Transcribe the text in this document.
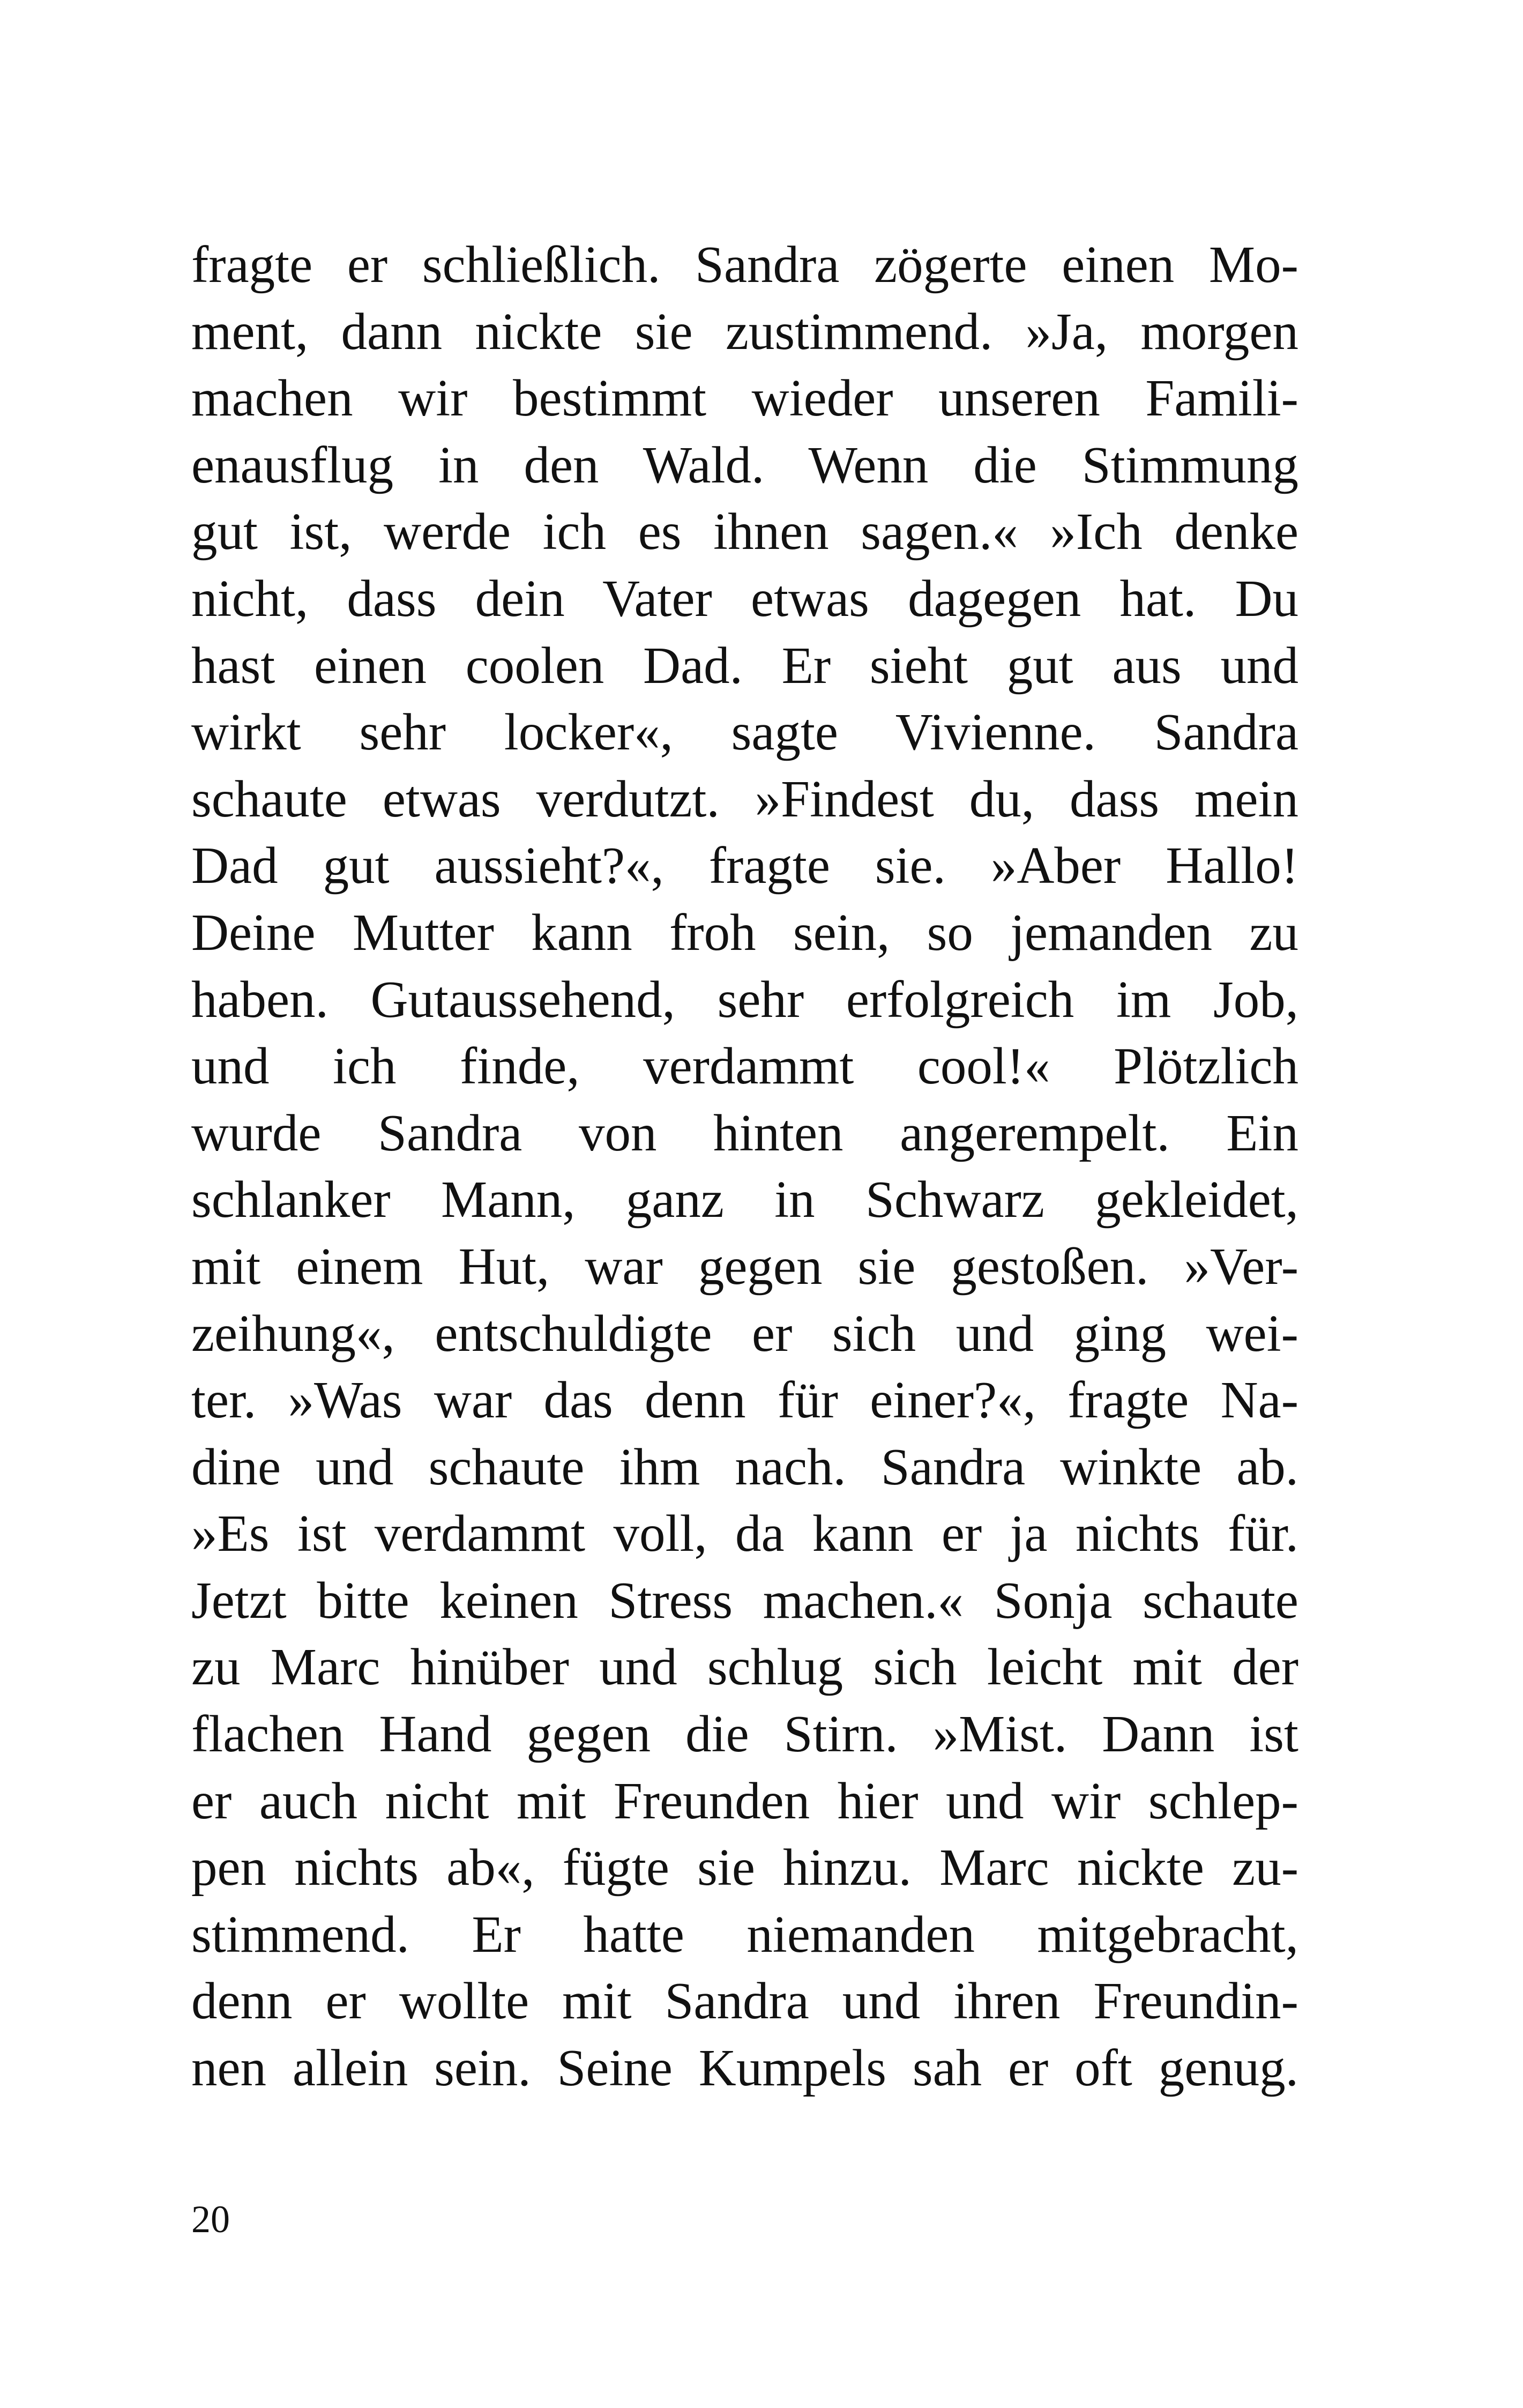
fragte er schließlich. Sandra zögerte einen Mo-
ment, dann nickte sie zustimmend. »Ja, morgen
machen wir bestimmt wieder unseren Famili-
enausflug in den Wald. Wenn die Stimmung
gut ist, werde ich es ihnen sagen.« »Ich denke
nicht, dass dein Vater etwas dagegen hat. Du
hast einen coolen Dad. Er sieht gut aus und
wirkt sehr locker«, sagte Vivienne. Sandra
schaute etwas verdutzt. »Findest du, dass mein
Dad gut aussieht?«, fragte sie. »Aber Hallo!
Deine Mutter kann froh sein, so jemanden zu
haben. Gutaussehend, sehr erfolgreich im Job,
und ich finde, verdammt cool!« Plötzlich
wurde Sandra von hinten angerempelt. Ein
schlanker Mann, ganz in Schwarz gekleidet,
mit einem Hut, war gegen sie gestoßen. »Ver-
zeihung«, entschuldigte er sich und ging wei-
ter. »Was war das denn für einer?«, fragte Na-
dine und schaute ihm nach. Sandra winkte ab.
»Es ist verdammt voll, da kann er ja nichts für.
Jetzt bitte keinen Stress machen.« Sonja schaute
zu Marc hinüber und schlug sich leicht mit der
flachen Hand gegen die Stirn. »Mist. Dann ist
er auch nicht mit Freunden hier und wir schlep-
pen nichts ab«, fügte sie hinzu. Marc nickte zu-
stimmend. Er hatte niemanden mitgebracht,
denn er wollte mit Sandra und ihren Freundin-
nen allein sein. Seine Kumpels sah er oft genug.
20
